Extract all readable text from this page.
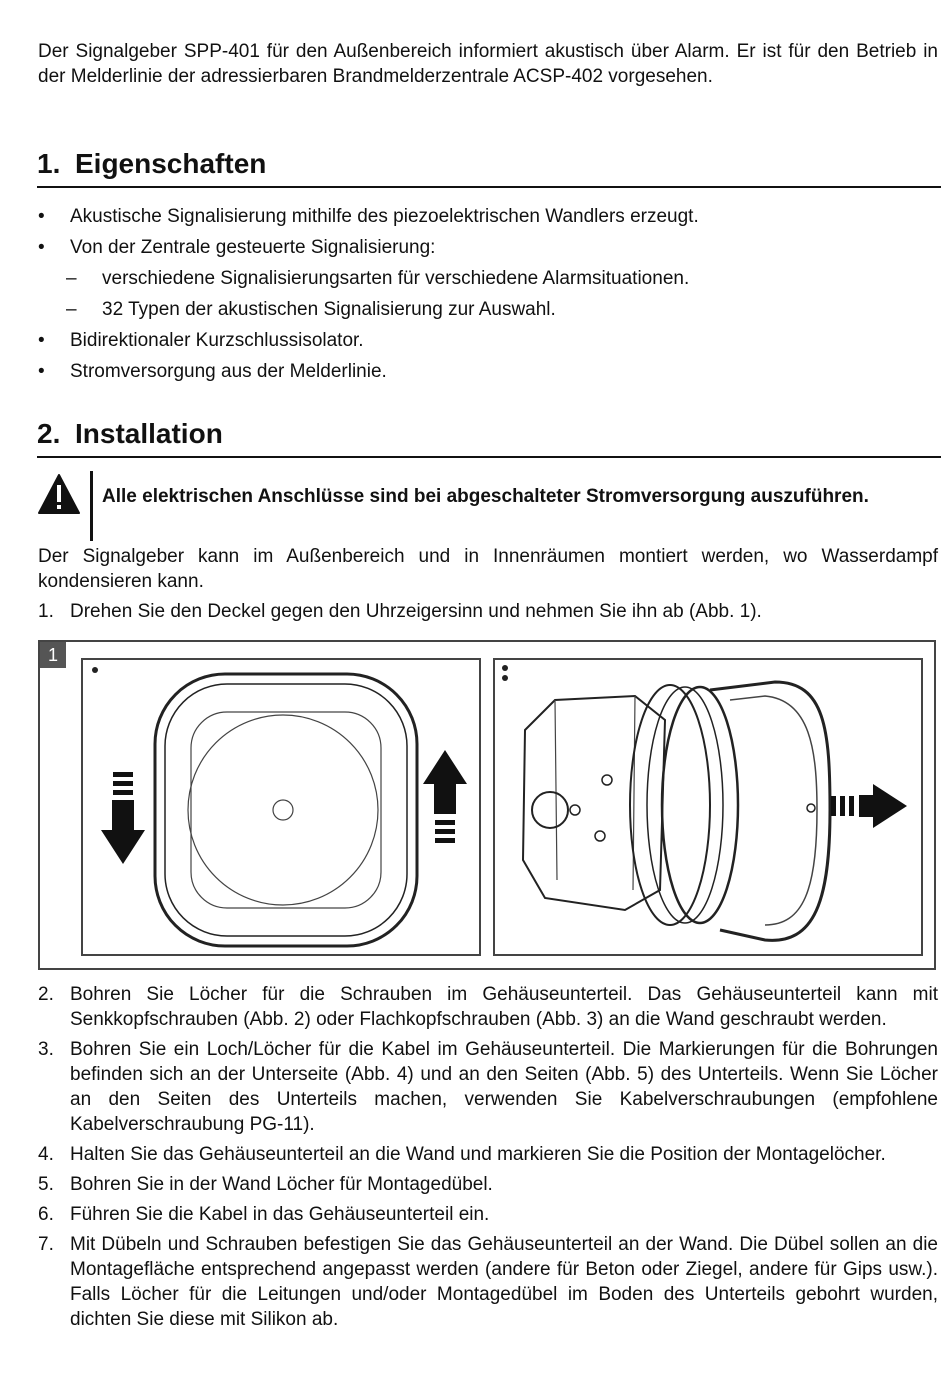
Der Signalgeber SPP-401 für den Außenbereich informiert akustisch über Alarm. Er ist für den Betrieb in der Melderlinie der adressierbaren Brandmelderzentrale ACSP-402 vorgesehen.

1. Eigenschaften
• Akustische Signalisierung mithilfe des piezoelektrischen Wandlers erzeugt.
• Von der Zentrale gesteuerte Signalisierung:
– verschiedene Signalisierungsarten für verschiedene Alarmsituationen.
– 32 Typen der akustischen Signalisierung zur Auswahl.
• Bidirektionaler Kurzschlussisolator.
• Stromversorgung aus der Melderlinie.
2. Installation
Alle elektrischen Anschlüsse sind bei abgeschalteter Stromversorgung auszuführen.

Der Signalgeber kann im Außenbereich und in Innenräumen montiert werden, wo Wasserdampf kondensieren kann.

1. Drehen Sie den Deckel gegen den Uhrzeigersinn und nehmen Sie ihn ab (Abb. 1).
1
2. Bohren Sie Löcher für die Schrauben im Gehäuseunterteil. Das Gehäuseunterteil kann mit Senkkopfschrauben (Abb. 2) oder Flachkopfschrauben (Abb. 3) an die Wand geschraubt werden.
3. Bohren Sie ein Loch/Löcher für die Kabel im Gehäuseunterteil. Die Markierungen für die Bohrungen befinden sich an der Unterseite (Abb. 4) und an den Seiten (Abb. 5) des Unterteils. Wenn Sie Löcher an den Seiten des Unterteils machen, verwenden Sie Kabelverschraubungen (empfohlene Kabelverschraubung PG-11).
4. Halten Sie das Gehäuseunterteil an die Wand und markieren Sie die Position der Montagelöcher.
5. Bohren Sie in der Wand Löcher für Montagedübel.
6. Führen Sie die Kabel in das Gehäuseunterteil ein.
7. Mit Dübeln und Schrauben befestigen Sie das Gehäuseunterteil an der Wand. Die Dübel sollen an die Montagefläche entsprechend angepasst werden (andere für Beton oder Ziegel, andere für Gips usw.). Falls Löcher für die Leitungen und/oder Montagedübel im Boden des Unterteils gebohrt wurden, dichten Sie diese mit Silikon ab.
